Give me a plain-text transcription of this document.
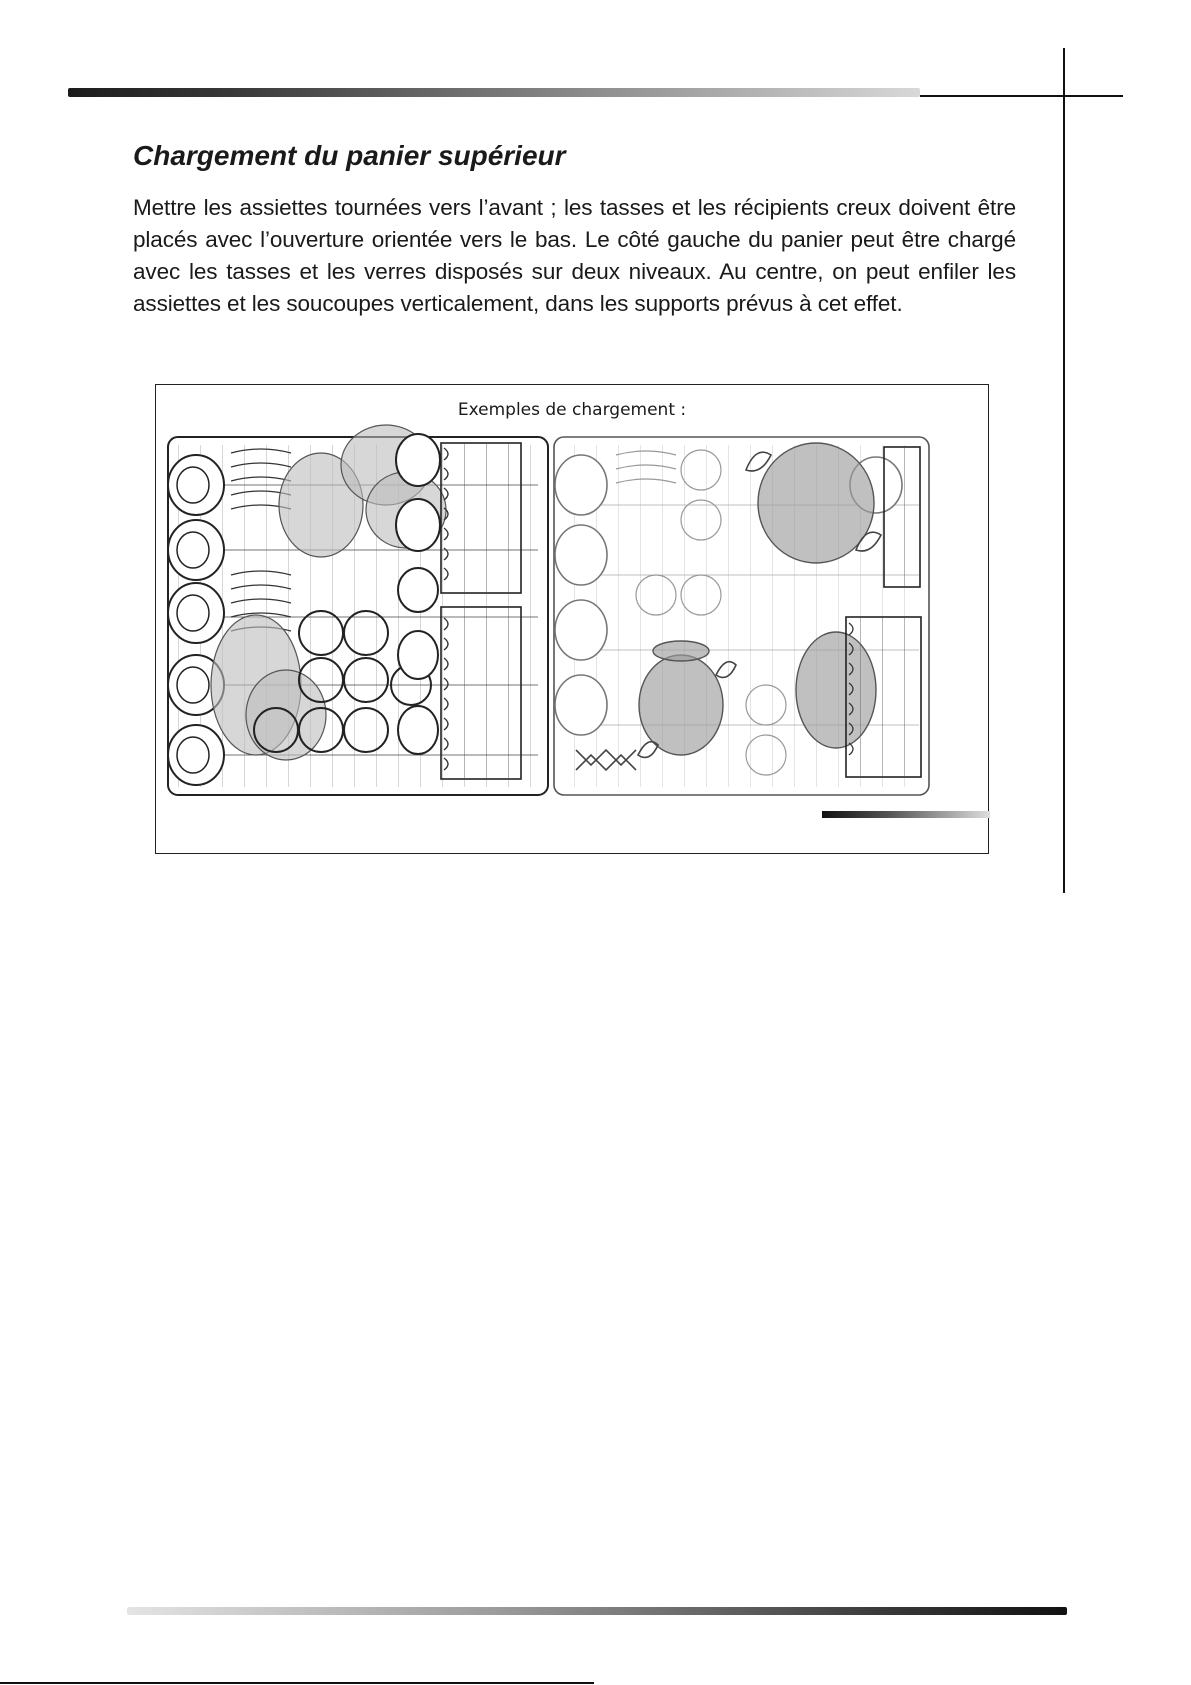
Chargement du panier supérieur

Mettre les assiettes tournées vers l’avant ; les tasses et les récipients creux doivent être placés avec l’ouverture orientée vers le bas. Le côté gauche du panier peut être chargé avec les tasses et les verres disposés sur deux niveaux. Au centre, on peut enfiler les assiettes et les soucoupes verticalement, dans les supports prévus à cet effet.

Exemples de chargement :
